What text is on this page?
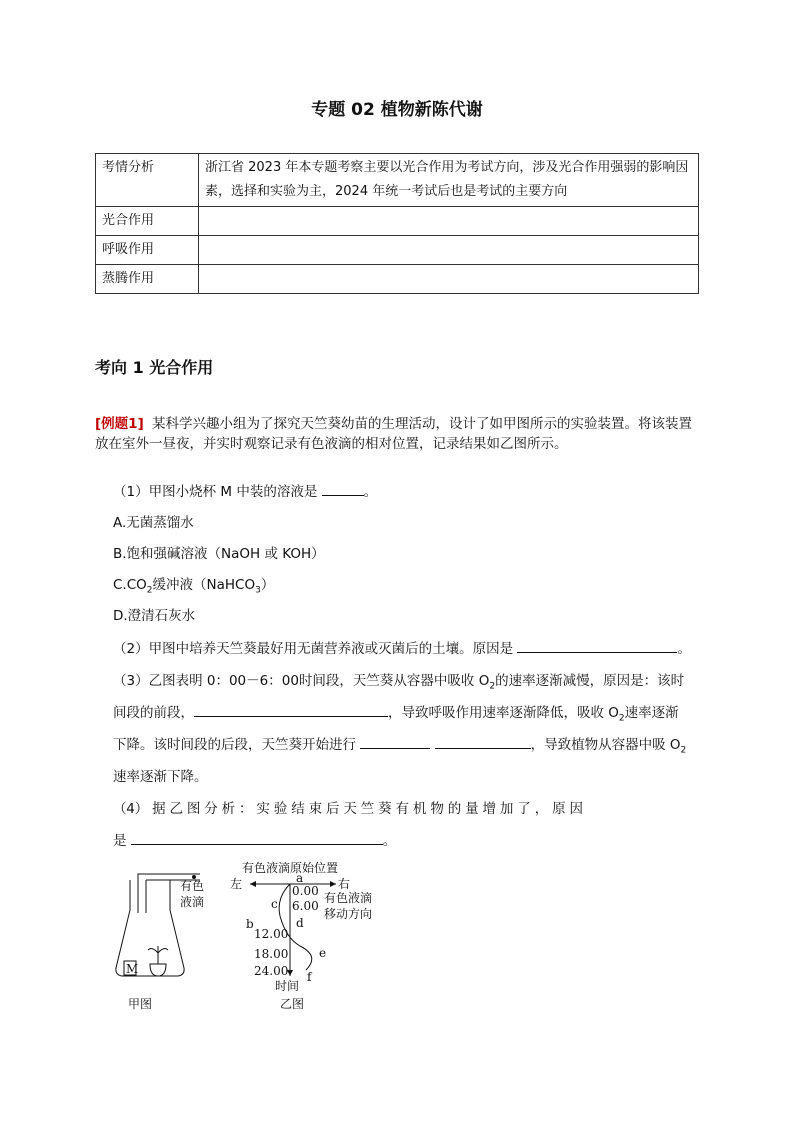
专题 02 植物新陈代谢
考情分析	浙江省 2023 年本专题考察主要以光合作用为考试方向，涉及光合作用强弱的影响因素，选择和实验为主，2024 年统一考试后也是考试的主要方向
光合作用	
呼吸作用	
蒸腾作用	
考向 1 光合作用
[例题1] 某科学兴趣小组为了探究天竺葵幼苗的生理活动，设计了如甲图所示的实验装置。将该装置放在室外一昼夜，并实时观察记录有色液滴的相对位置，记录结果如乙图所示。
（1）甲图小烧杯 M 中装的溶液是	。
A.无菌蒸馏水
B.饱和强碱溶液（NaOH 或 KOH）
$C.CO_2$缓冲液（NaHCO$_3$）
D.澄清石灰水
（2）甲图中培养天竺葵最好用无菌营养液或灭菌后的土壤。原因是	。
（3）乙图表明 0：00－6：00时间段，天竺葵从容器中吸收 $O_2$的速率逐渐减慢，原因是：该时
间段的前段，	，导致呼吸作用速率逐渐降低，吸收 $O_2$速率逐渐
下降。该时间段的后段，天竺葵开始进行	，导致植物从容器中吸 $O_2$
速率逐渐下降。
（4） 据 乙 图 分 析 ： 实 验 结 束 后 天 竺 葵 有 机 物 的 量 增 加 了 ， 原 因
是	。
有色
液滴
M
甲图
有色液滴原始位置
左	右
0.00
6.00
12.00
18.00
24.00
有色液滴
移动方向
a
b
c
d
e
f
时间
乙图
